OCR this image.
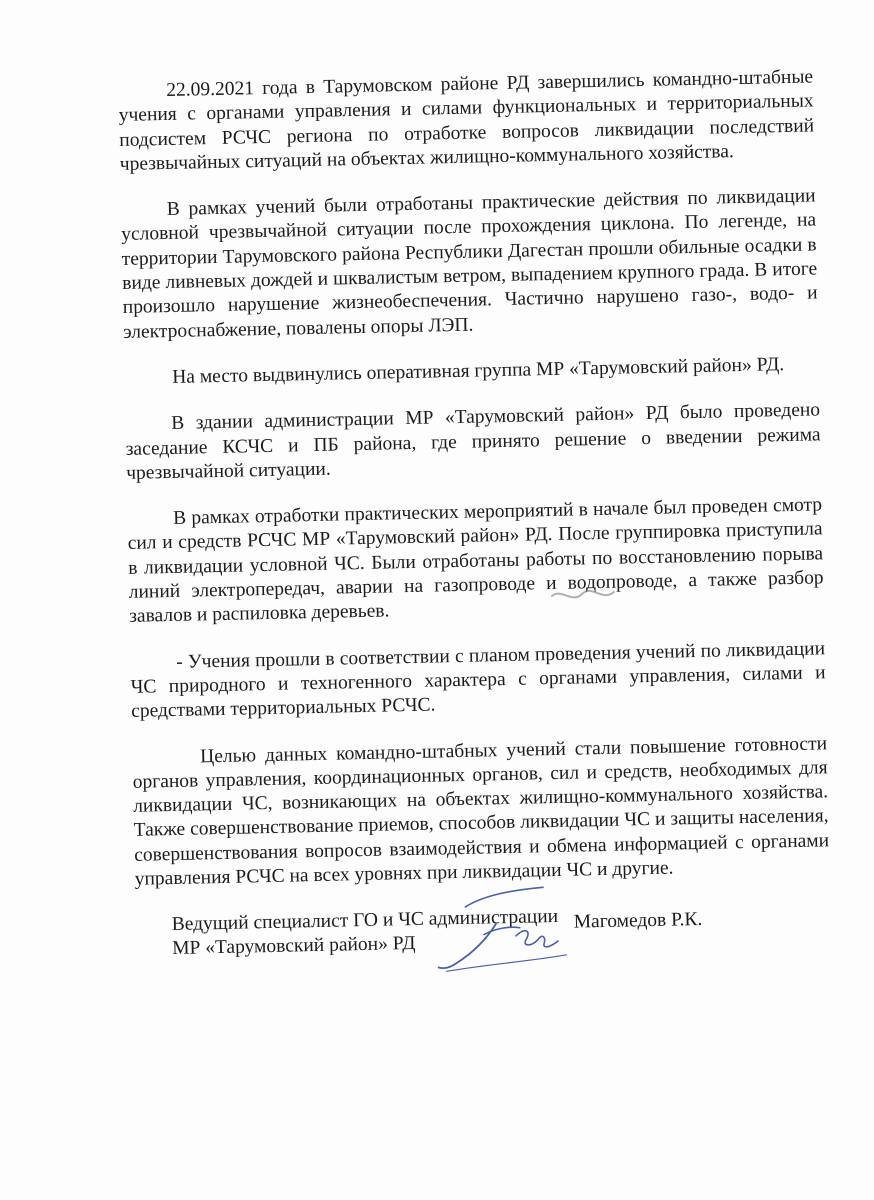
22.09.2021 года в Тарумовском районе РД завершились командно-штабные учения с органами управления и силами функциональных и территориальных подсистем РСЧС региона по отработке вопросов ликвидации последствий чрезвычайных ситуаций на объектах жилищно-коммунального хозяйства.

В рамках учений были отработаны практические действия по ликвидации условной чрезвычайной ситуации после прохождения циклона. По легенде, на территории Тарумовского района Республики Дагестан прошли обильные осадки в виде ливневых дождей и шквалистым ветром, выпадением крупного града. В итоге произошло нарушение жизнеобеспечения. Частично нарушено газо-, водо- и электроснабжение, повалены опоры ЛЭП.

На место выдвинулись оперативная группа МР «Тарумовский район» РД.

В здании администрации МР «Тарумовский район» РД было проведено заседание КСЧС и ПБ района, где принято решение о введении режима чрезвычайной ситуации.

В рамках отработки практических мероприятий в начале был проведен смотр сил и средств РСЧС МР «Тарумовский район» РД. После группировка приступила в ликвидации условной ЧС. Были отработаны работы по восстановлению порыва линий электропередач, аварии на газопроводе и водопроводе, а также разбор завалов и распиловка деревьев.

- Учения прошли в соответствии с планом проведения учений по ликвидации ЧС природного и техногенного характера с органами управления, силами и средствами территориальных РСЧС.

Целью данных командно-штабных учений стали повышение готовности органов управления, координационных органов, сил и средств, необходимых для ликвидации ЧС, возникающих на объектах жилищно-коммунального хозяйства. Также совершенствование приемов, способов ликвидации ЧС и защиты населения, совершенствования вопросов взаимодействия и обмена информацией с органами управления РСЧС на всех уровнях при ликвидации ЧС и другие.

Ведущий специалист ГО и ЧС администрации
МР «Тарумовский район» РД
Магомедов Р.К.
